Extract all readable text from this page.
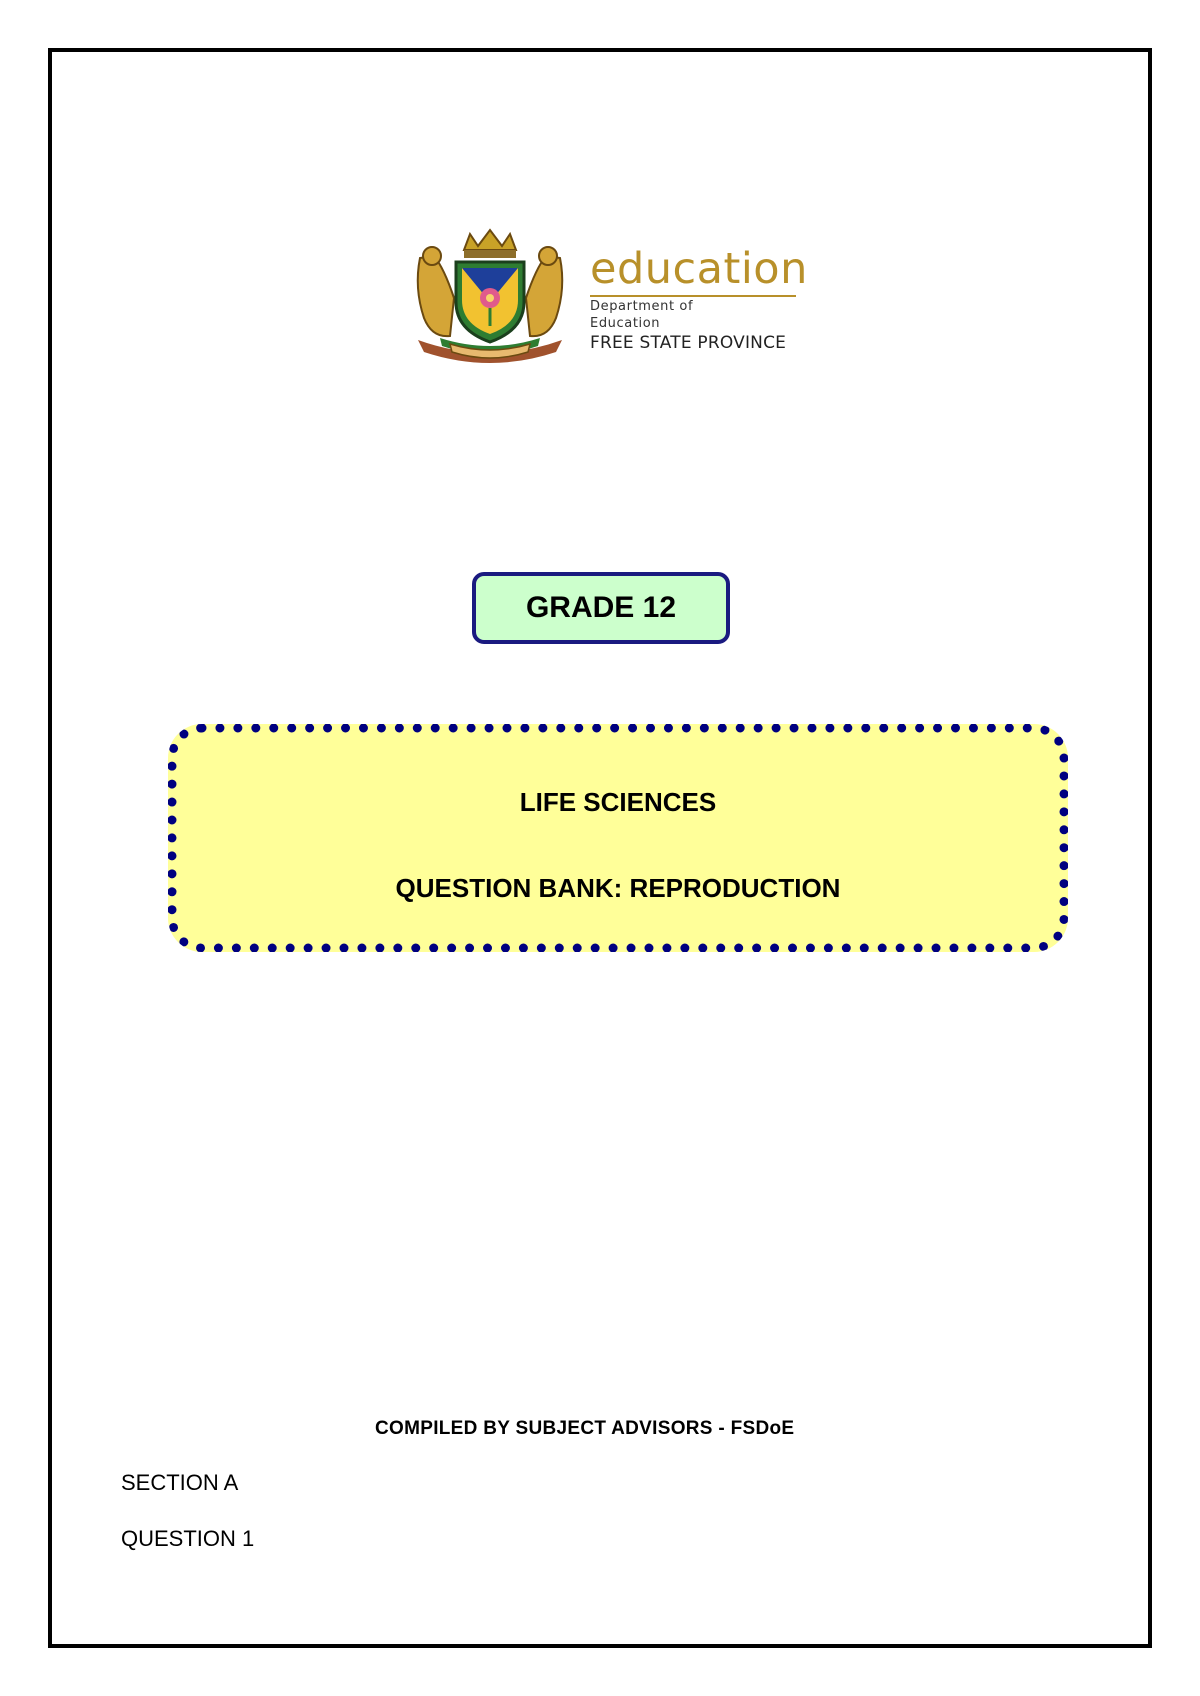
education
Department of
Education
FREE STATE PROVINCE
GRADE 12
LIFE SCIENCES
QUESTION BANK: REPRODUCTION
COMPILED BY SUBJECT ADVISORS - FSDoE
SECTION A
QUESTION 1
